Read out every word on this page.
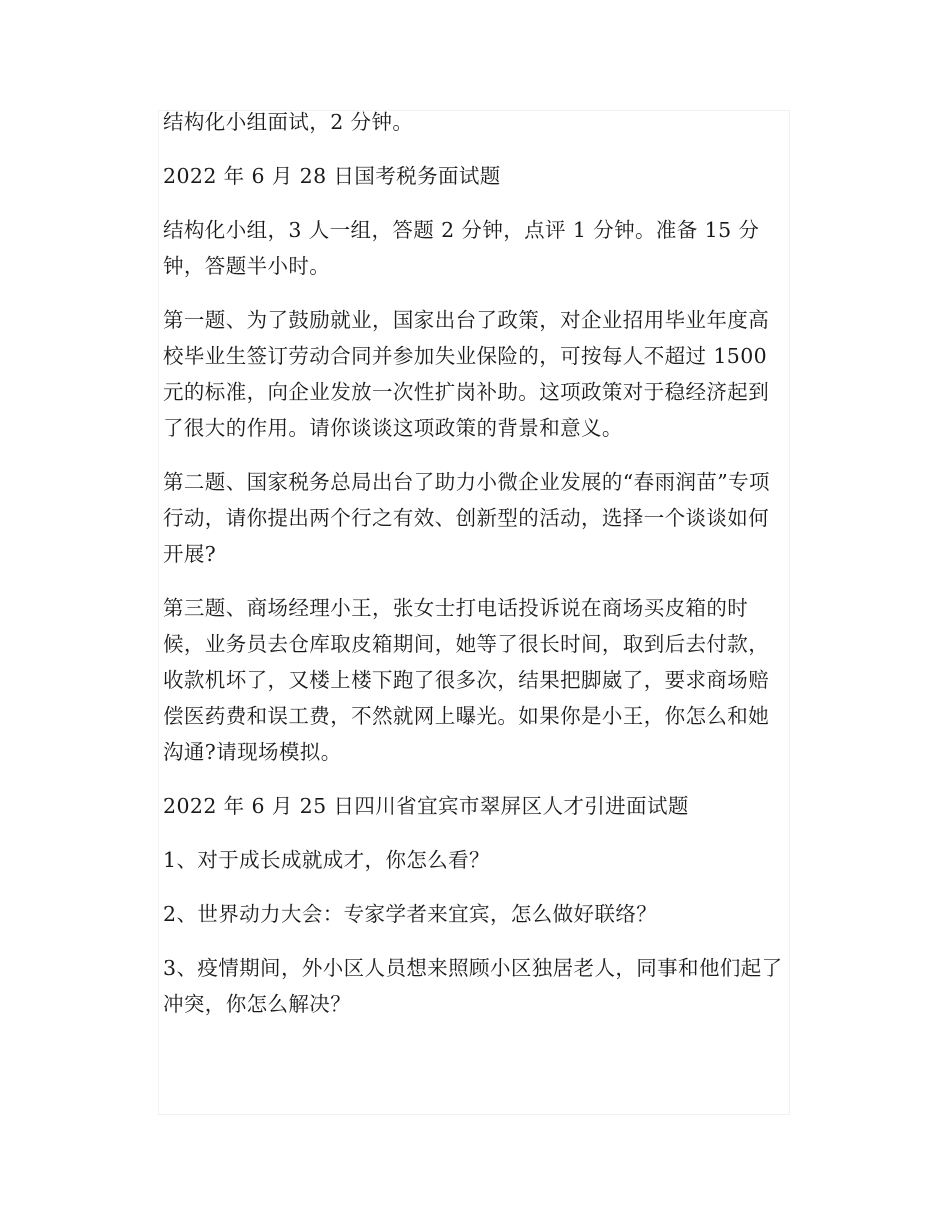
结构化小组面试，2 分钟。

2022 年 6 月 28 日国考税务面试题

结构化小组，3 人一组，答题 2 分钟，点评 1 分钟。准备 15 分钟，答题半小时。

第一题、为了鼓励就业，国家出台了政策，对企业招用毕业年度高校毕业生签订劳动合同并参加失业保险的，可按每人不超过 1500 元的标准，向企业发放一次性扩岗补助。这项政策对于稳经济起到了很大的作用。请你谈谈这项政策的背景和意义。

第二题、国家税务总局出台了助力小微企业发展的“春雨润苗”专项行动，请你提出两个行之有效、创新型的活动，选择一个谈谈如何开展?

第三题、商场经理小王，张女士打电话投诉说在商场买皮箱的时候，业务员去仓库取皮箱期间，她等了很长时间，取到后去付款，收款机坏了，又楼上楼下跑了很多次，结果把脚崴了，要求商场赔偿医药费和误工费，不然就网上曝光。如果你是小王，你怎么和她沟通?请现场模拟。

2022 年 6 月 25 日四川省宜宾市翠屏区人才引进面试题

1、对于成长成就成才，你怎么看？

2、世界动力大会：专家学者来宜宾，怎么做好联络？

3、疫情期间，外小区人员想来照顾小区独居老人，同事和他们起了冲突，你怎么解决？
